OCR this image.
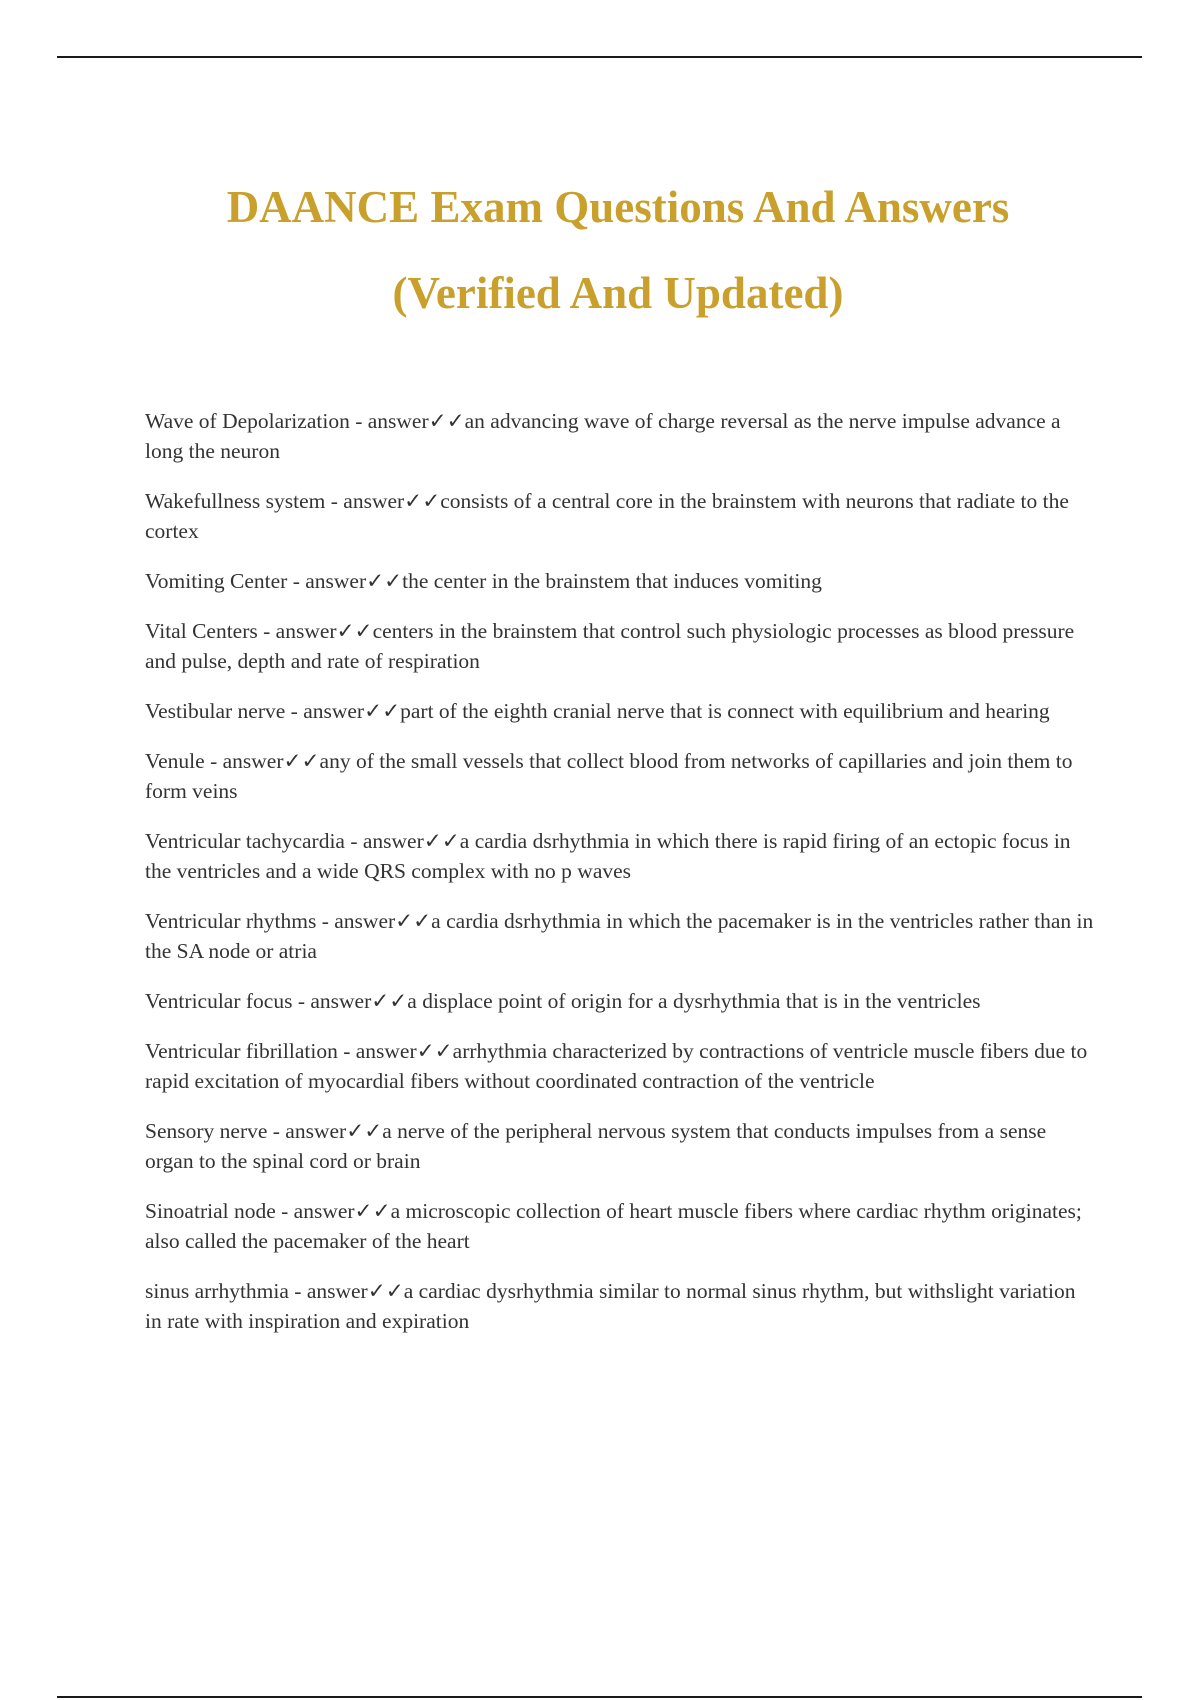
DAANCE Exam Questions And Answers
(Verified And Updated)

Wave of Depolarization - answer✓✓an advancing wave of charge reversal as the nerve impulse advance a long the neuron

Wakefullness system - answer✓✓consists of a central core in the brainstem with neurons that radiate to the cortex

Vomiting Center - answer✓✓the center in the brainstem that induces vomiting

Vital Centers - answer✓✓centers in the brainstem that control such physiologic processes as blood pressure and pulse, depth and rate of respiration

Vestibular nerve - answer✓✓part of the eighth cranial nerve that is connect with equilibrium and hearing

Venule - answer✓✓any of the small vessels that collect blood from networks of capillaries and join them to form veins

Ventricular tachycardia - answer✓✓a cardia dsrhythmia in which there is rapid firing of an ectopic focus in the ventricles and a wide QRS complex with no p waves

Ventricular rhythms - answer✓✓a cardia dsrhythmia in which the pacemaker is in the ventricles rather than in the SA node or atria

Ventricular focus - answer✓✓a displace point of origin for a dysrhythmia that is in the ventricles

Ventricular fibrillation - answer✓✓arrhythmia characterized by contractions of ventricle muscle fibers due to rapid excitation of myocardial fibers without coordinated contraction of the ventricle

Sensory nerve - answer✓✓a nerve of the peripheral nervous system that conducts impulses from a sense organ to the spinal cord or brain

Sinoatrial node - answer✓✓a microscopic collection of heart muscle fibers where cardiac rhythm originates; also called the pacemaker of the heart

sinus arrhythmia - answer✓✓a cardiac dysrhythmia similar to normal sinus rhythm, but withslight variation in rate with inspiration and expiration
